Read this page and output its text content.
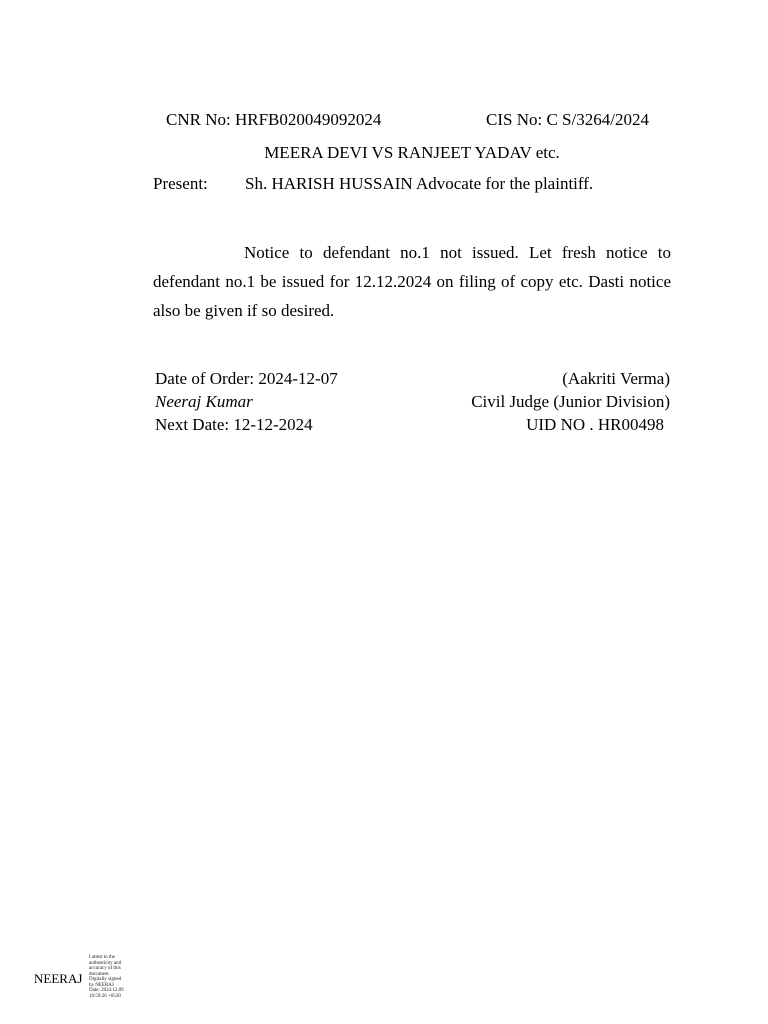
CNR No: HRFB020049092024	CIS No: C S/3264/2024
MEERA DEVI VS RANJEET YADAV etc.
Present: Sh. HARISH HUSSAIN Advocate for the plaintiff.
Notice to defendant no.1 not issued. Let fresh notice to defendant no.1 be issued for 12.12.2024 on filing of copy etc. Dasti notice also be given if so desired.
Date of Order: 2024-12-07
Neeraj Kumar
Next Date: 12-12-2024
(Aakriti Verma)
Civil Judge (Junior Division)
UID NO . HR00498
NEERAJ
I attest to the
authenticity and
accuracy of this
document
Digitally signed
by NEERAJ
Date: 2024.12.09
16:59:26 +0530
